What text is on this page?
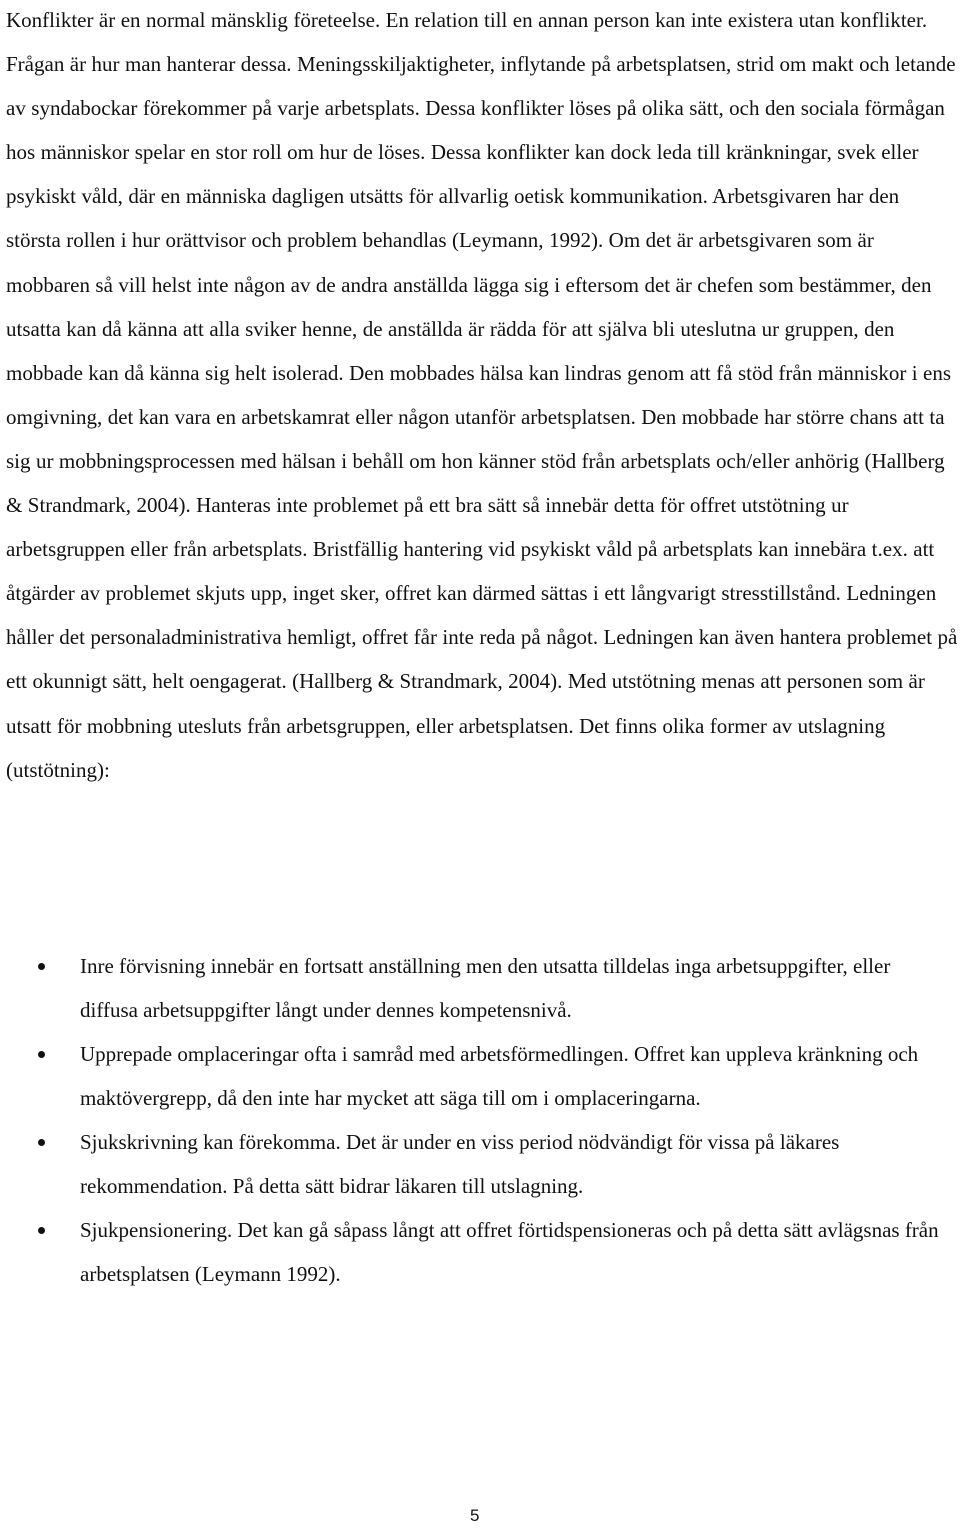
Konflikter är en normal mänsklig företeelse. En relation till en annan person kan inte existera utan konflikter. Frågan är hur man hanterar dessa. Meningsskiljaktigheter, inflytande på arbetsplatsen, strid om makt och letande av syndabockar förekommer på varje arbetsplats. Dessa konflikter löses på olika sätt, och den sociala förmågan hos människor spelar en stor roll om hur de löses. Dessa konflikter kan dock leda till kränkningar, svek eller psykiskt våld, där en människa dagligen utsätts för allvarlig oetisk kommunikation. Arbetsgivaren har den största rollen i hur orättvisor och problem behandlas (Leymann, 1992). Om det är arbetsgivaren som är mobbaren så vill helst inte någon av de andra anställda lägga sig i eftersom det är chefen som bestämmer, den utsatta kan då känna att alla sviker henne, de anställda är rädda för att själva bli uteslutna ur gruppen, den mobbade kan då känna sig helt isolerad. Den mobbades hälsa kan lindras genom att få stöd från människor i ens omgivning, det kan vara en arbetskamrat eller någon utanför arbetsplatsen. Den mobbade har större chans att ta sig ur mobbningsprocessen med hälsan i behåll om hon känner stöd från arbetsplats och/eller anhörig (Hallberg & Strandmark, 2004). Hanteras inte problemet på ett bra sätt så innebär detta för offret utstötning ur arbetsgruppen eller från arbetsplats. Bristfällig hantering vid psykiskt våld på arbetsplats kan innebära t.ex. att åtgärder av problemet skjuts upp, inget sker, offret kan därmed sättas i ett långvarigt stresstillstånd. Ledningen håller det personaladministrativa hemligt, offret får inte reda på något. Ledningen kan även hantera problemet på ett okunnigt sätt, helt oengagerat. (Hallberg & Strandmark, 2004). Med utstötning menas att personen som är utsatt för mobbning utesluts från arbetsgruppen, eller arbetsplatsen. Det finns olika former av utslagning (utstötning):

Inre förvisning innebär en fortsatt anställning men den utsatta tilldelas inga arbetsuppgifter, eller diffusa arbetsuppgifter långt under dennes kompetensnivå.
Upprepade omplaceringar ofta i samråd med arbetsförmedlingen. Offret kan uppleva kränkning och maktövergrepp, då den inte har mycket att säga till om i omplaceringarna.
Sjukskrivning kan förekomma. Det är under en viss period nödvändigt för vissa på läkares rekommendation. På detta sätt bidrar läkaren till utslagning.
Sjukpensionering. Det kan gå såpass långt att offret förtidspensioneras och på detta sätt avlägsnas från arbetsplatsen (Leymann 1992).
5
